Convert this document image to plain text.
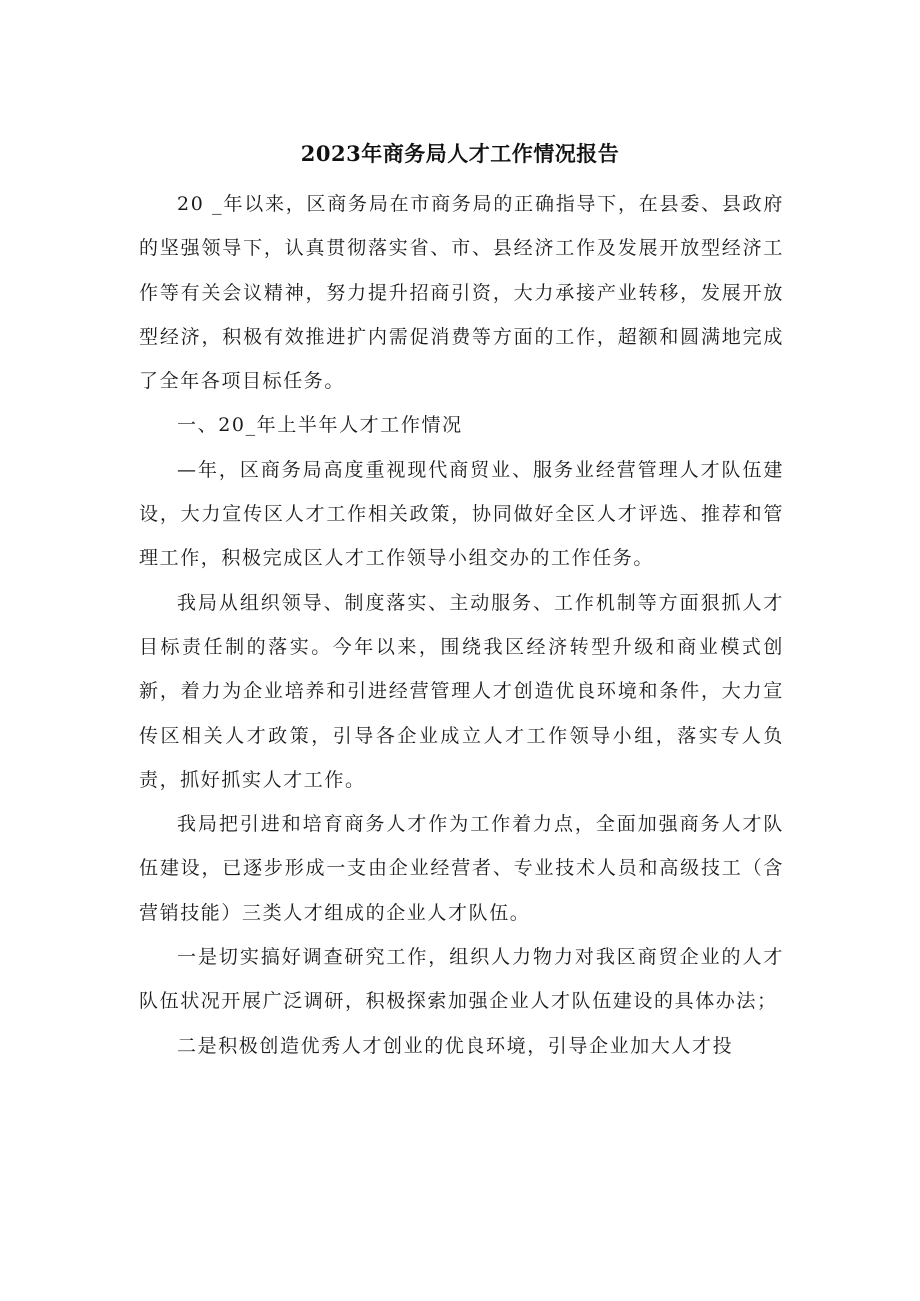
2023年商务局人才工作情况报告

20 _年以来，区商务局在市商务局的正确指导下，在县委、县政府的坚强领导下，认真贯彻落实省、市、县经济工作及发展开放型经济工作等有关会议精神，努力提升招商引资，大力承接产业转移，发展开放型经济，积极有效推进扩内需促消费等方面的工作，超额和圆满地完成了全年各项目标任务。

一、20_年上半年人才工作情况

—年，区商务局高度重视现代商贸业、服务业经营管理人才队伍建设，大力宣传区人才工作相关政策，协同做好全区人才评选、推荐和管理工作，积极完成区人才工作领导小组交办的工作任务。

我局从组织领导、制度落实、主动服务、工作机制等方面狠抓人才目标责任制的落实。今年以来，围绕我区经济转型升级和商业模式创新，着力为企业培养和引进经营管理人才创造优良环境和条件，大力宣传区相关人才政策，引导各企业成立人才工作领导小组，落实专人负责，抓好抓实人才工作。

我局把引进和培育商务人才作为工作着力点，全面加强商务人才队伍建设，已逐步形成一支由企业经营者、专业技术人员和高级技工（含营销技能）三类人才组成的企业人才队伍。

一是切实搞好调查研究工作，组织人力物力对我区商贸企业的人才队伍状况开展广泛调研，积极探索加强企业人才队伍建设的具体办法；

二是积极创造优秀人才创业的优良环境，引导企业加大人才投
